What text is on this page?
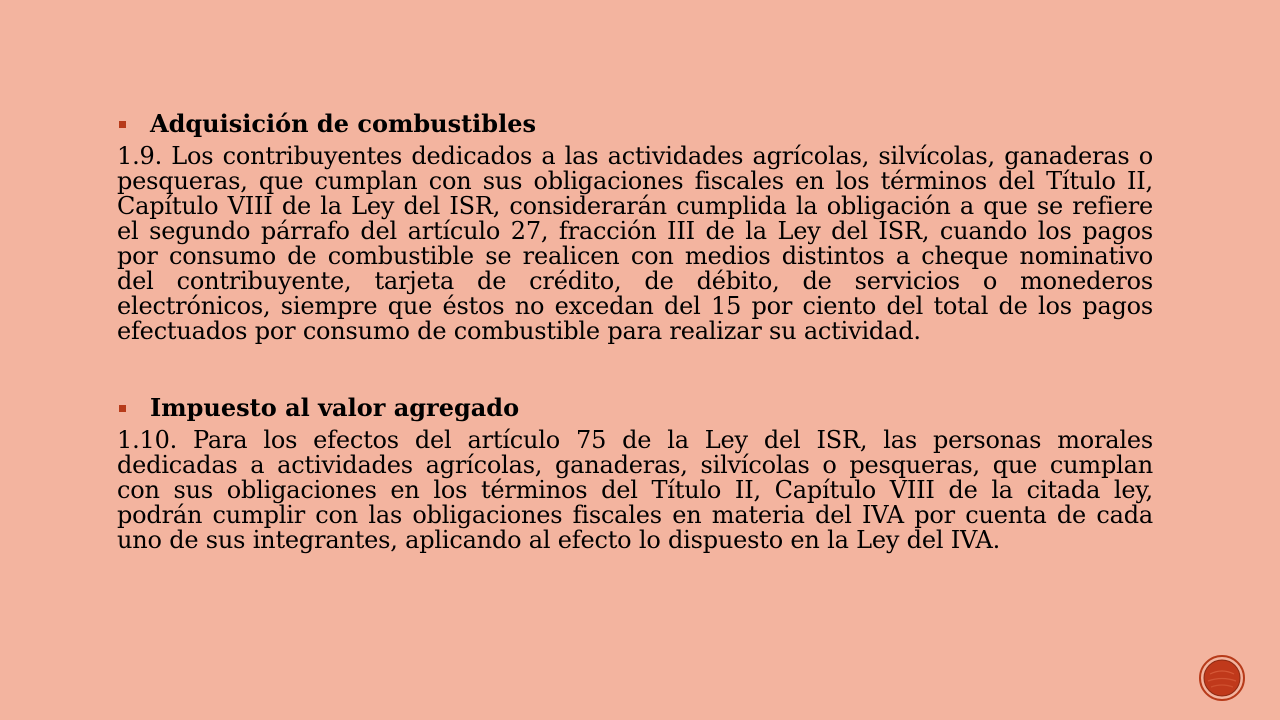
Adquisición de combustibles

1.9. Los contribuyentes dedicados a las actividades agrícolas, silvícolas, ganaderas o pesqueras, que cumplan con sus obligaciones fiscales en los términos del Título II, Capítulo VIII de la Ley del ISR, considerarán cumplida la obligación a que se refiere el segundo párrafo del artículo 27, fracción III de la Ley del ISR, cuando los pagos por consumo de combustible se realicen con medios distintos a cheque nominativo del contribuyente, tarjeta de crédito, de débito, de servicios o monederos electrónicos, siempre que éstos no excedan del 15 por ciento del total de los pagos efectuados por consumo de combustible para realizar su actividad.

Impuesto al valor agregado

1.10. Para los efectos del artículo 75 de la Ley del ISR, las personas morales dedicadas a actividades agrícolas, ganaderas, silvícolas o pesqueras, que cumplan con sus obligaciones en los términos del Título II, Capítulo VIII de la citada ley, podrán cumplir con las obligaciones fiscales en materia del IVA por cuenta de cada uno de sus integrantes, aplicando al efecto lo dispuesto en la Ley del IVA.
